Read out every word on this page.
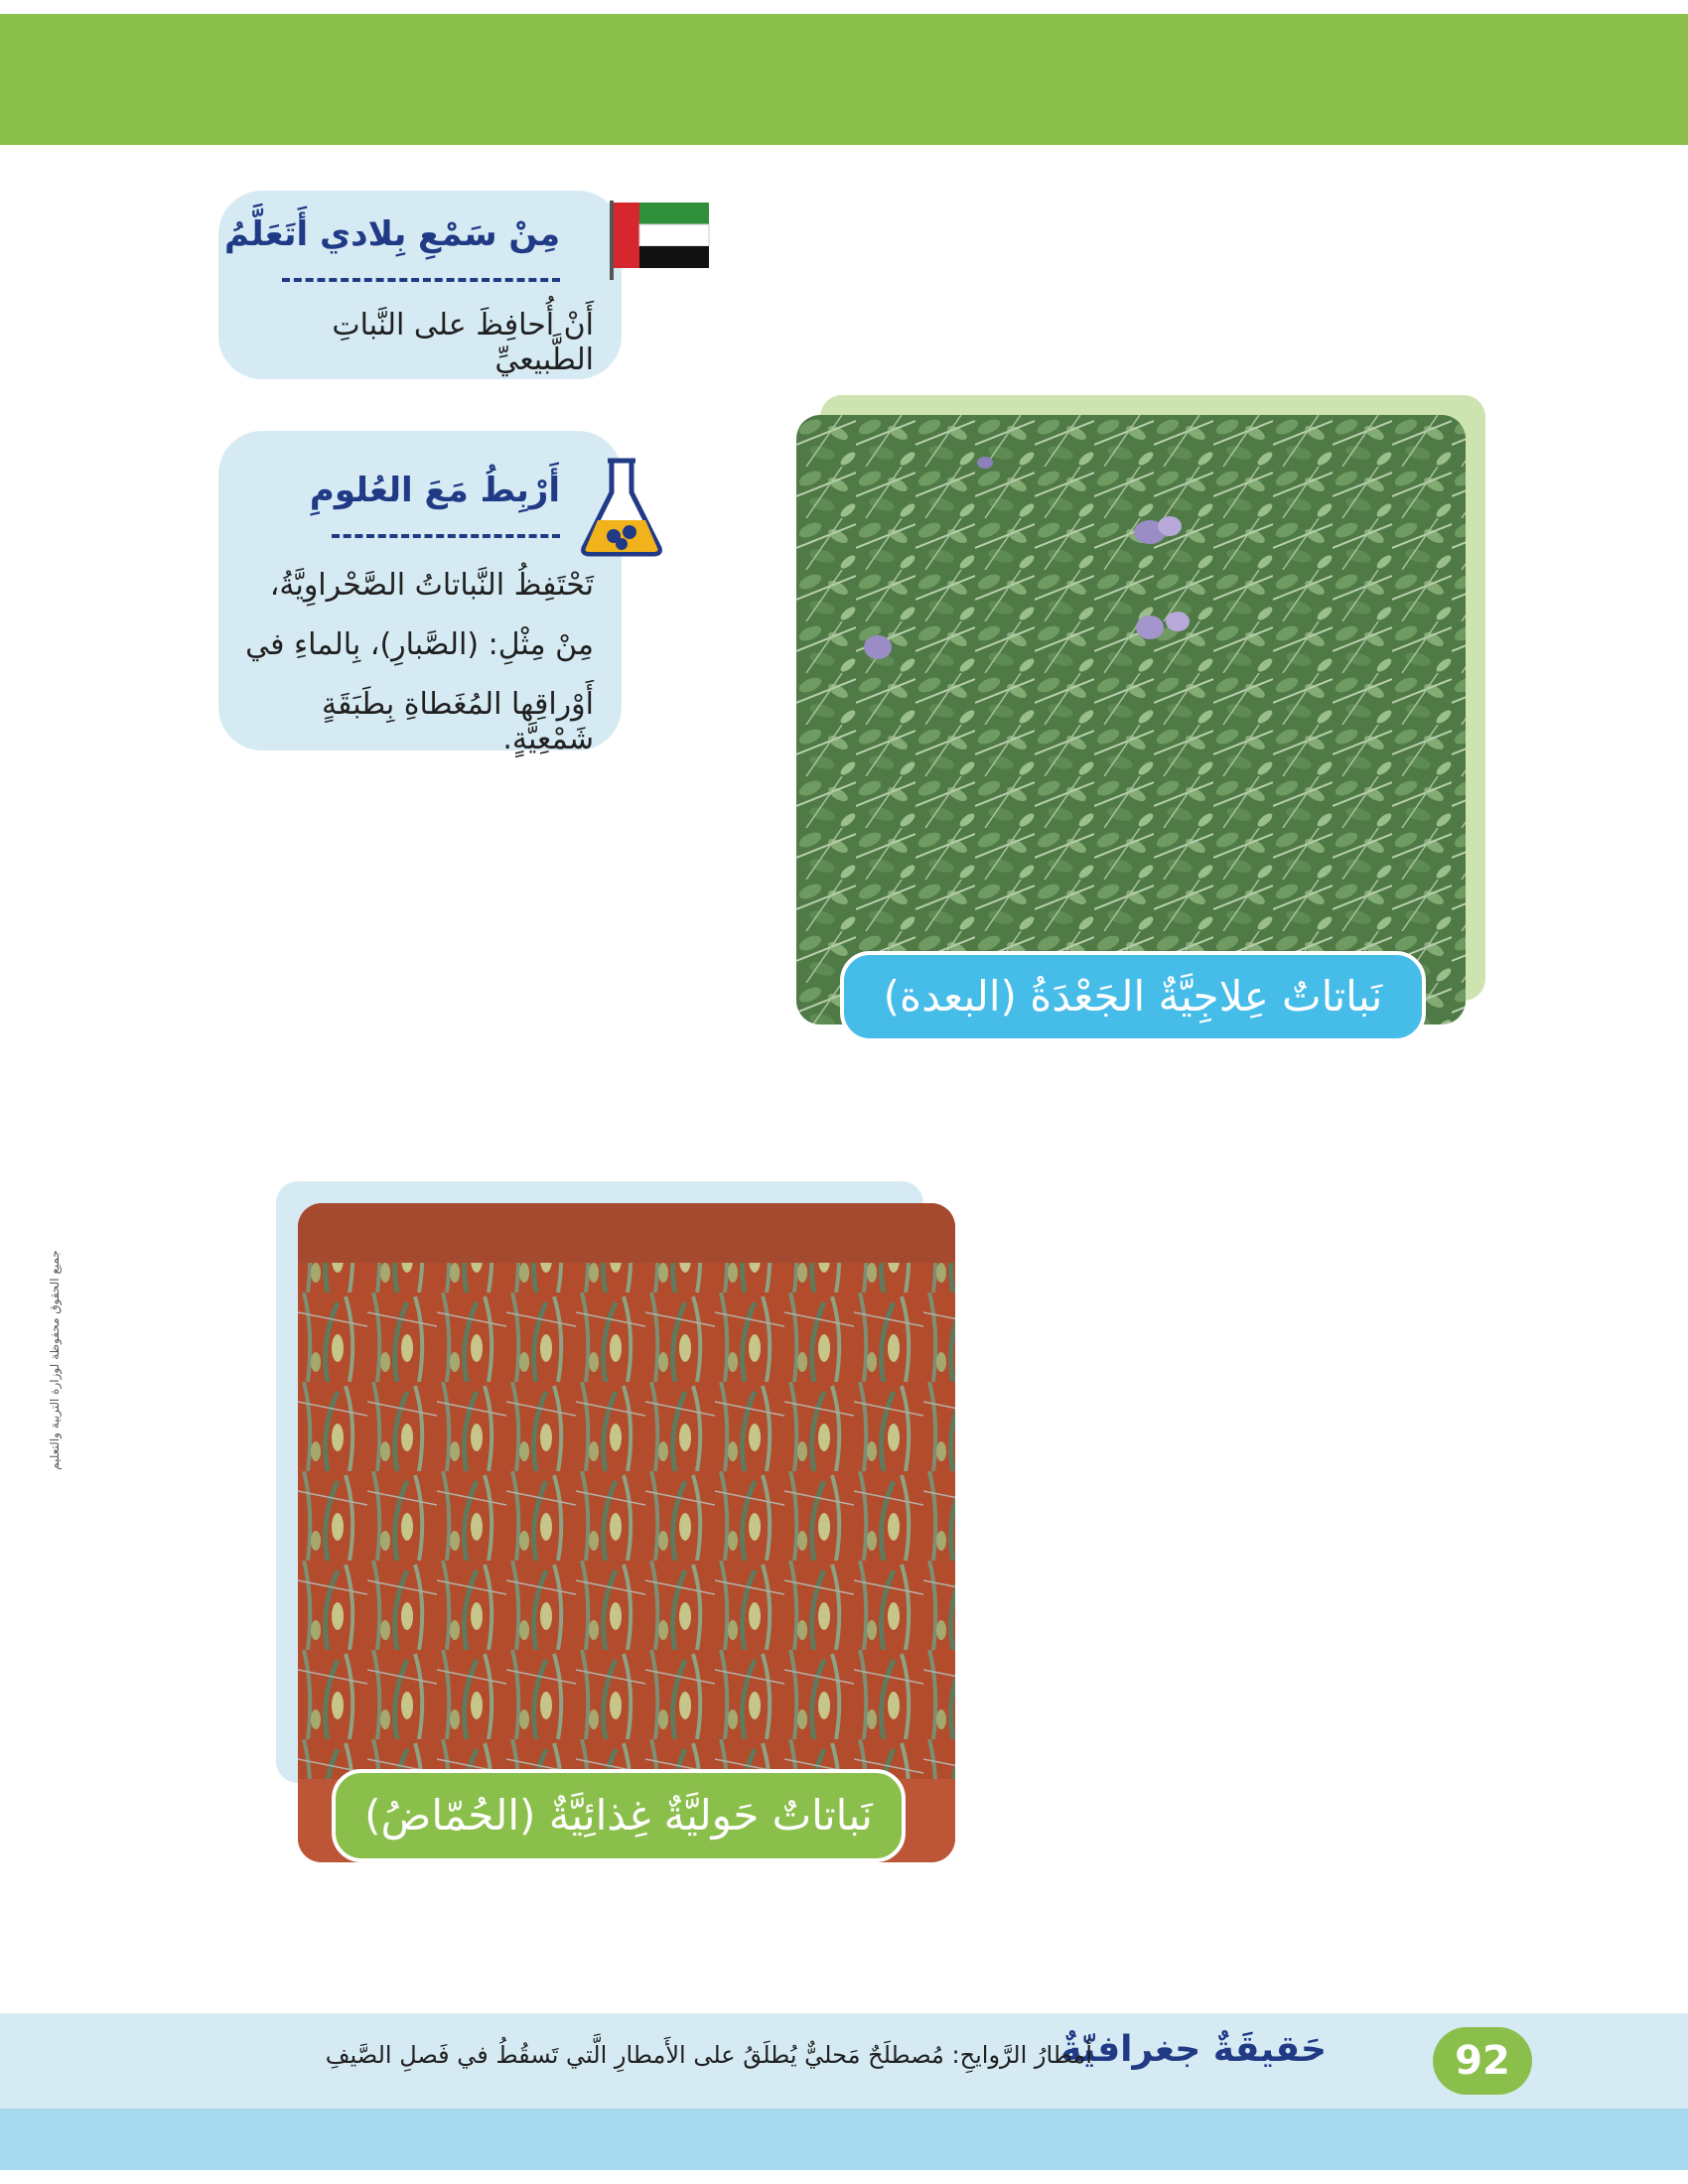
مِنْ سَمْعِ بِلادي أَتَعَلَّمُ
أَنْ أُحافِظَ على النَّباتِ الطَّبيعيِّ
أَرْبِطُ مَعَ العُلومِ
تَحْتَفِظُ النَّباتاتُ الصَّحْراوِيَّةُ،
مِنْ مِثْلِ: (الصَّبارِ)، بِالماءِ في
أَوْراقِها المُغَطاةِ بِطَبَقَةٍ شَمْعِيَّةٍ.
نَباتاتٌ عِلاجِيَّةٌ الجَعْدَةُ (البعدة)
نَباتاتٌ حَوليَّةٌ غِذائِيَّةٌ (الحُمّاضُ)
جميع الحقوق محفوظة لوزارة التربية والتعليم
92
حَقيقَةٌ جغرافيّةٌ
أمطارُ الرَّوايحِ: مُصطلَحٌ مَحليٌّ يُطلَقُ على الأَمطارِ الَّتي تَسقُطُ في فَصلِ الصَّيفِ
